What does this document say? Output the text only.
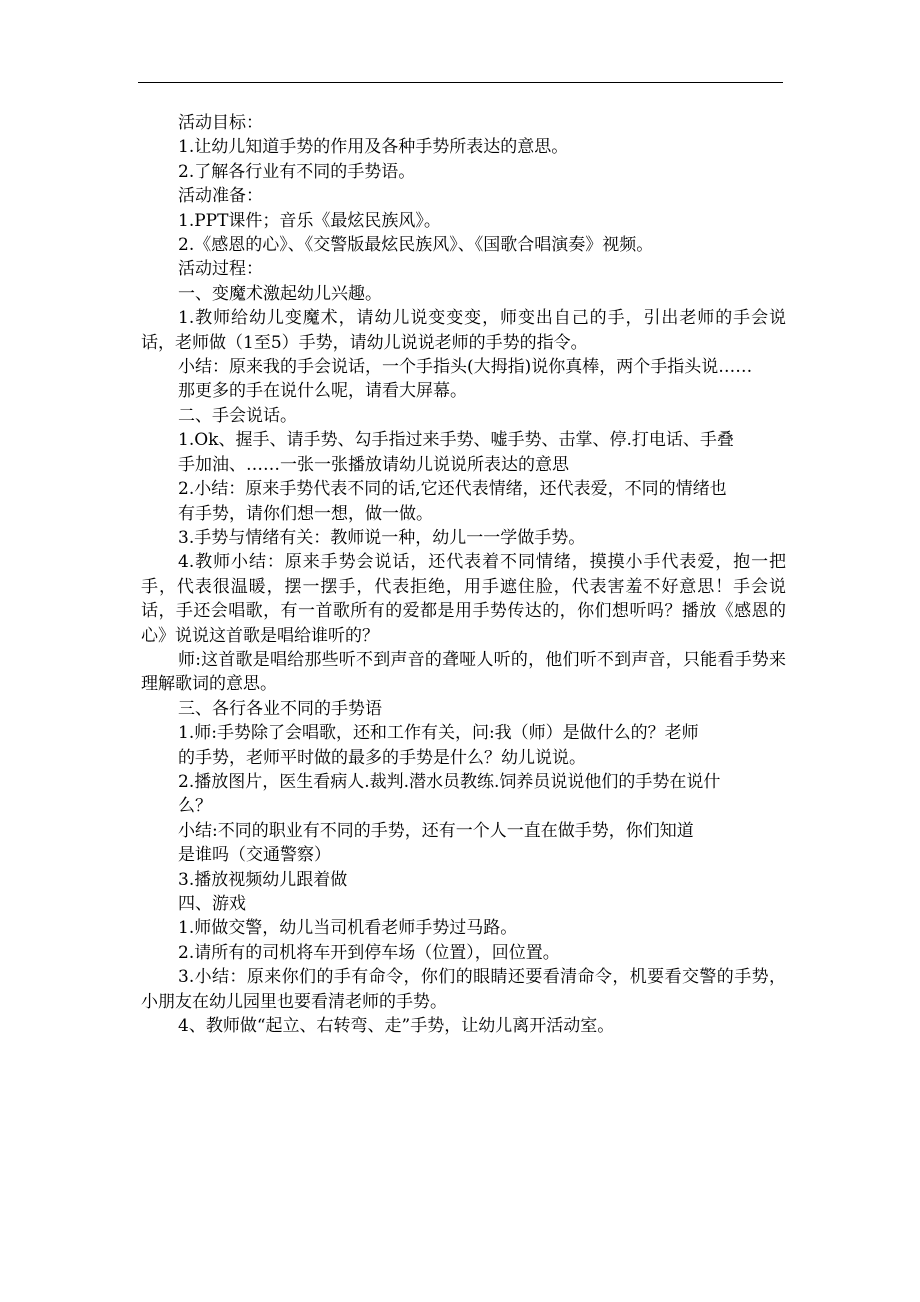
活动目标：

1.让幼儿知道手势的作用及各种手势所表达的意思。

2.了解各行业有不同的手势语。

活动准备：

1.PPT课件；音乐《最炫民族风》。

2.《感恩的心》、《交警版最炫民族风》、《国歌合唱演奏》视频。

活动过程：

一、变魔术激起幼儿兴趣。

1.教师给幼儿变魔术，请幼儿说变变变，师变出自己的手，引出老师的手会说话，老师做（1至5）手势，请幼儿说说老师的手势的指令。

小结：原来我的手会说话，一个手指头(大拇指)说你真棒，两个手指头说……

那更多的手在说什么呢，请看大屏幕。

二、手会说话。

1.Ok、握手、请手势、勾手指过来手势、嘘手势、击掌、停.打电话、手叠

手加油、……一张一张播放请幼儿说说所表达的意思

2.小结：原来手势代表不同的话,它还代表情绪，还代表爱，不同的情绪也

有手势，请你们想一想，做一做。

3.手势与情绪有关：教师说一种，幼儿一一学做手势。

4.教师小结：原来手势会说话，还代表着不同情绪，摸摸小手代表爱，抱一把手，代表很温暖，摆一摆手，代表拒绝，用手遮住脸，代表害羞不好意思！手会说话，手还会唱歌，有一首歌所有的爱都是用手势传达的，你们想听吗？播放《感恩的心》说说这首歌是唱给谁听的？

师:这首歌是唱给那些听不到声音的聋哑人听的，他们听不到声音，只能看手势来理解歌词的意思。

三、各行各业不同的手势语

1.师:手势除了会唱歌，还和工作有关，问:我（师）是做什么的？老师

的手势，老师平时做的最多的手势是什么？幼儿说说。

2.播放图片，医生看病人.裁判.潜水员教练.饲养员说说他们的手势在说什

么？

小结:不同的职业有不同的手势，还有一个人一直在做手势，你们知道

是谁吗（交通警察）

3.播放视频幼儿跟着做

四、游戏

1.师做交警，幼儿当司机看老师手势过马路。

2.请所有的司机将车开到停车场（位置），回位置。

3.小结：原来你们的手有命令，你们的眼睛还要看清命令，机要看交警的手势，小朋友在幼儿园里也要看清老师的手势。

4、教师做“起立、右转弯、走”手势，让幼儿离开活动室。
